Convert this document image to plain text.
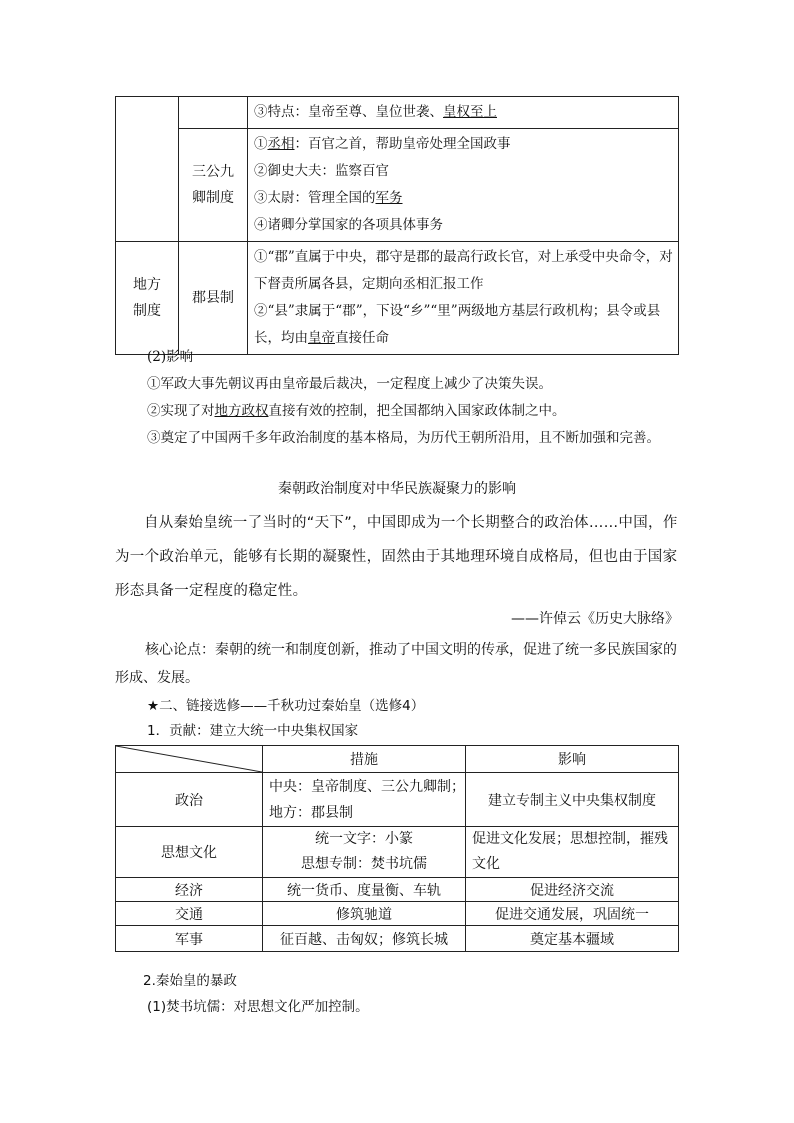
		③特点：皇帝至尊、皇位世袭、皇权至上

	三公九卿制度	①丞相：百官之首，帮助皇帝处理全国政事
②御史大夫：监察百官
③太尉：管理全国的军务
④诸卿分掌国家的各项具体事务

地方制度	郡县制	①“郡”直属于中央，郡守是郡的最高行政长官，对上承受中央命令，对下督责所属各县，定期向丞相汇报工作
②“县”隶属于“郡”，下设“乡”“里”两级地方基层行政机构；县令或县长，均由皇帝直接任命
(2)影响
①军政大事先朝议再由皇帝最后裁决，一定程度上减少了决策失误。
②实现了对地方政权直接有效的控制，把全国都纳入国家政体制之中。
③奠定了中国两千多年政治制度的基本格局，为历代王朝所沿用，且不断加强和完善。
秦朝政治制度对中华民族凝聚力的影响
自从秦始皇统一了当时的“天下”，中国即成为一个长期整合的政治体……中国，作为一个政治单元，能够有长期的凝聚性，固然由于其地理环境自成格局，但也由于国家形态具备一定程度的稳定性。
——许倬云《历史大脉络》
核心论点：秦朝的统一和制度创新，推动了中国文明的传承，促进了统一多民族国家的形成、发展。
★二、链接选修——千秋功过秦始皇（选修4）
1．贡献：建立大统一中央集权国家
	措施	影响
政治	中央：皇帝制度、三公九卿制；
地方：郡县制	建立专制主义中央集权制度
思想文化	统一文字：小篆
思想专制：焚书坑儒	促进文化发展；思想控制，摧残文化
经济	统一货币、度量衡、车轨	促进经济交流
交通	修筑驰道	促进交通发展，巩固统一
军事	征百越、击匈奴；修筑长城	奠定基本疆域
2.秦始皇的暴政
(1)焚书坑儒：对思想文化严加控制。
